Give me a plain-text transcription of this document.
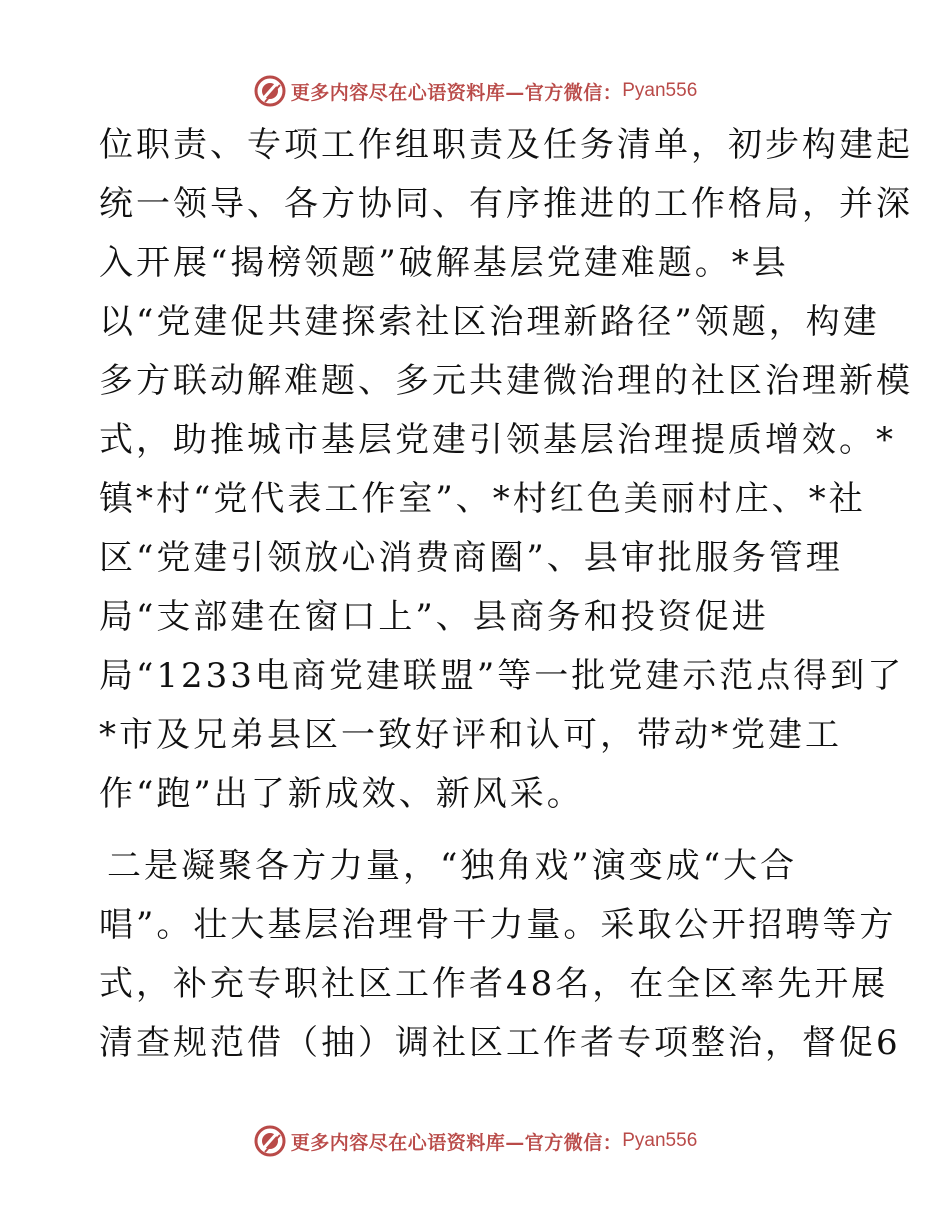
更多内容尽在心语资料库—官方微信： Pyan556
位职责、专项工作组职责及任务清单，初步构建起
统一领导、各方协同、有序推进的工作格局，并深
入开展“揭榜领题”破解基层党建难题。*县
以“党建促共建探索社区治理新路径”领题，构建
多方联动解难题、多元共建微治理的社区治理新模
式，助推城市基层党建引领基层治理提质增效。*
镇*村“党代表工作室”、*村红色美丽村庄、*社
区“党建引领放心消费商圈”、县审批服务管理
局“支部建在窗口上”、县商务和投资促进
局“1233电商党建联盟”等一批党建示范点得到了
*市及兄弟县区一致好评和认可，带动*党建工
作“跑”出了新成效、新风采。
二是凝聚各方力量，“独角戏”演变成“大合
唱”。壮大基层治理骨干力量。采取公开招聘等方
式，补充专职社区工作者48名，在全区率先开展
清查规范借（抽）调社区工作者专项整治，督促6
更多内容尽在心语资料库—官方微信： Pyan556
